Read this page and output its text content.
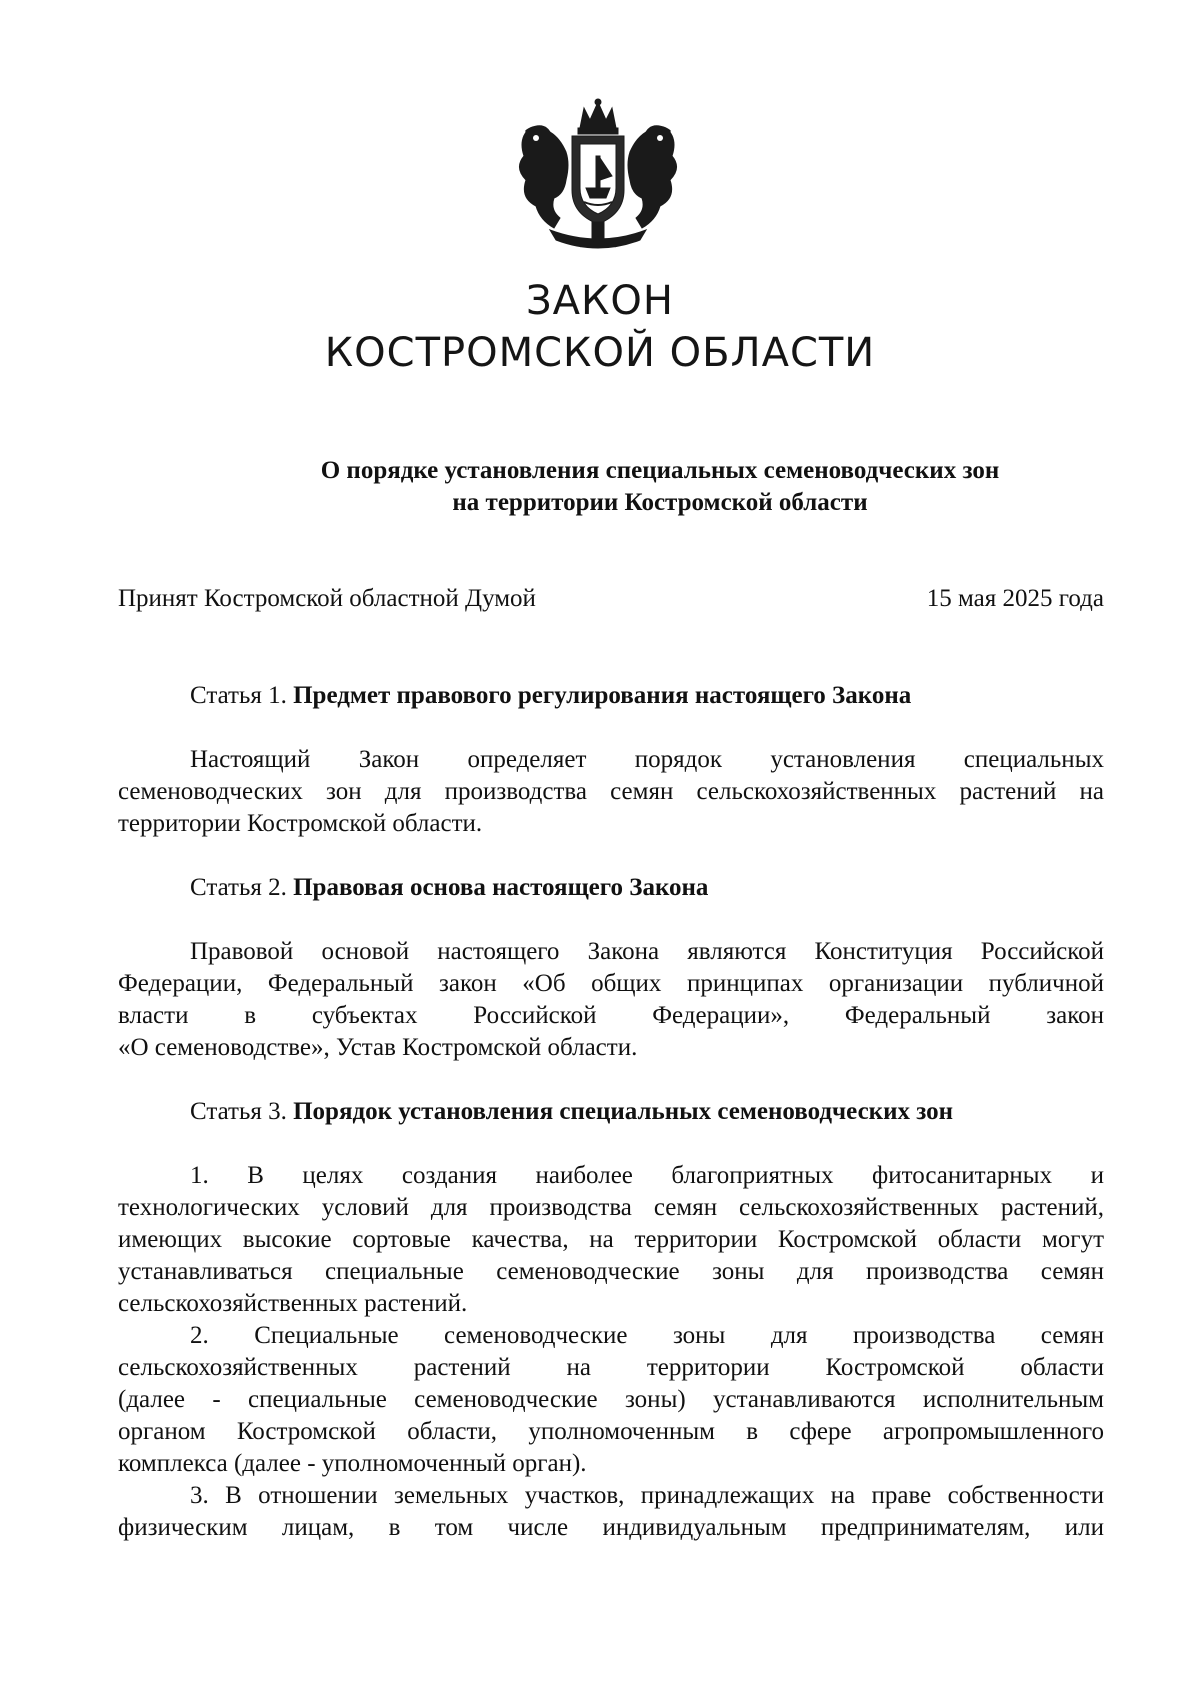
ЗАКОН
КОСТРОМСКОЙ ОБЛАСТИ
О порядке установления специальных семеноводческих зон
на территории Костромской области
Принят Костромской областной Думой	15 мая 2025 года
Статья 1. Предмет правового регулирования настоящего Закона
Настоящий Закон определяет порядок установления специальных
семеноводческих зон для производства семян сельскохозяйственных растений на
территории Костромской области.
Статья 2. Правовая основа настоящего Закона
Правовой основой настоящего Закона являются Конституция Российской
Федерации, Федеральный закон «Об общих принципах организации публичной
власти в субъектах Российской Федерации», Федеральный закон
«О семеноводстве», Устав Костромской области.
Статья 3. Порядок установления специальных семеноводческих зон
1. В целях создания наиболее благоприятных фитосанитарных и
технологических условий для производства семян сельскохозяйственных растений,
имеющих высокие сортовые качества, на территории Костромской области могут
устанавливаться специальные семеноводческие зоны для производства семян
сельскохозяйственных растений.
2. Специальные семеноводческие зоны для производства семян
сельскохозяйственных растений на территории Костромской области
(далее - специальные семеноводческие зоны) устанавливаются исполнительным
органом Костромской области, уполномоченным в сфере агропромышленного
комплекса (далее - уполномоченный орган).
3. В отношении земельных участков, принадлежащих на праве собственности
физическим лицам, в том числе индивидуальным предпринимателям, или
